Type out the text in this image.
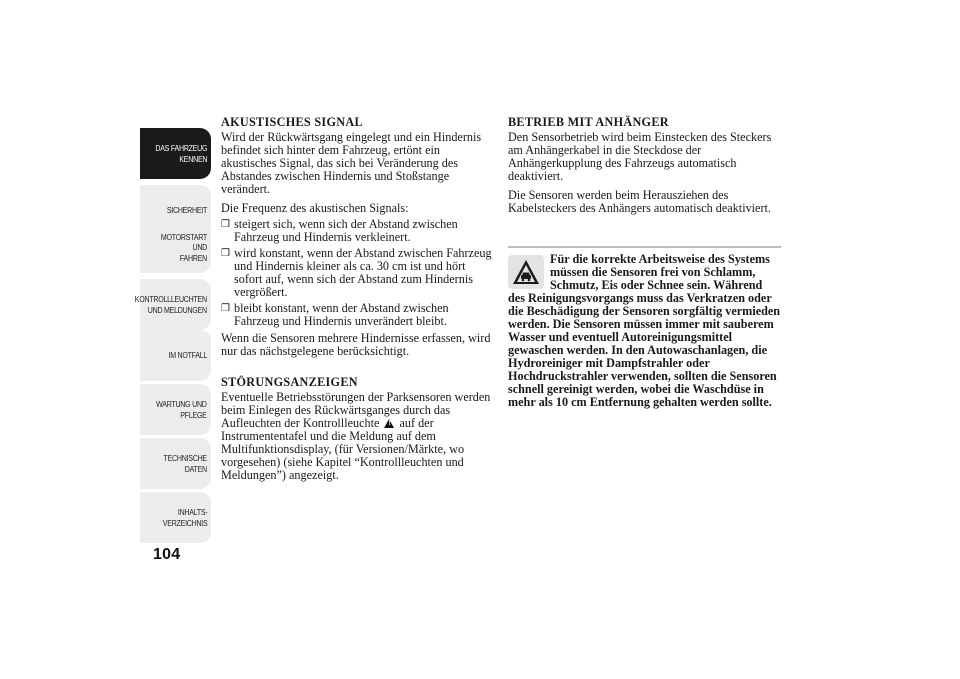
DAS FAHRZEUG
KENNEN
SICHERHEIT
MOTORSTART UND
FAHREN
KONTROLLLEUCHTEN
UND MELDUNGEN
IM NOTFALL
WARTUNG UND
PFLEGE
TECHNISCHE
DATEN
INHALTS-
VERZEICHNIS
104
AKUSTISCHES SIGNAL
Wird der Rückwärtsgang eingelegt und ein Hindernis befindet sich hinter dem Fahrzeug, ertönt ein akustisches Signal, das sich bei Veränderung des Abstandes zwischen Hindernis und Stoßstange verändert.
Die Frequenz des akustischen Signals:
❒ steigert sich, wenn sich der Abstand zwischen Fahrzeug und Hindernis verkleinert.
❒ wird konstant, wenn der Abstand zwischen Fahrzeug und Hindernis kleiner als ca. 30 cm ist und hört sofort auf, wenn sich der Abstand zum Hindernis vergrößert.
❒ bleibt konstant, wenn der Abstand zwischen Fahrzeug und Hindernis unverändert bleibt.
Wenn die Sensoren mehrere Hindernisse erfassen, wird nur das nächstgelegene berücksichtigt.
STÖRUNGSANZEIGEN
Eventuelle Betriebsstörungen der Parksensoren werden beim Einlegen des Rückwärtsganges durch das Aufleuchten der Kontrollleuchte ! auf der Instrumententafel und die Meldung auf dem Multifunktionsdisplay, (für Versionen/Märkte, wo vorgesehen) (siehe Kapitel “Kontrollleuchten und Meldungen”) angezeigt.
BETRIEB MIT ANHÄNGER
Den Sensorbetrieb wird beim Einstecken des Steckers am Anhängerkabel in die Steckdose der Anhängerkupplung des Fahrzeugs automatisch deaktiviert.
Die Sensoren werden beim Herausziehen des Kabelsteckers des Anhängers automatisch deaktiviert.
Für die korrekte Arbeitsweise des Systems müssen die Sensoren frei von Schlamm, Schmutz, Eis oder Schnee sein. Während des Reinigungsvorgangs muss das Verkratzen oder die Beschädigung der Sensoren sorgfältig vermieden werden. Die Sensoren müssen immer mit sauberem Wasser und eventuell Autoreinigungsmittel gewaschen werden. In den Autowaschanlagen, die Hydroreiniger mit Dampfstrahler oder Hochdruckstrahler verwenden, sollten die Sensoren schnell gereinigt werden, wobei die Waschdüse in mehr als 10 cm Entfernung gehalten werden sollte.
